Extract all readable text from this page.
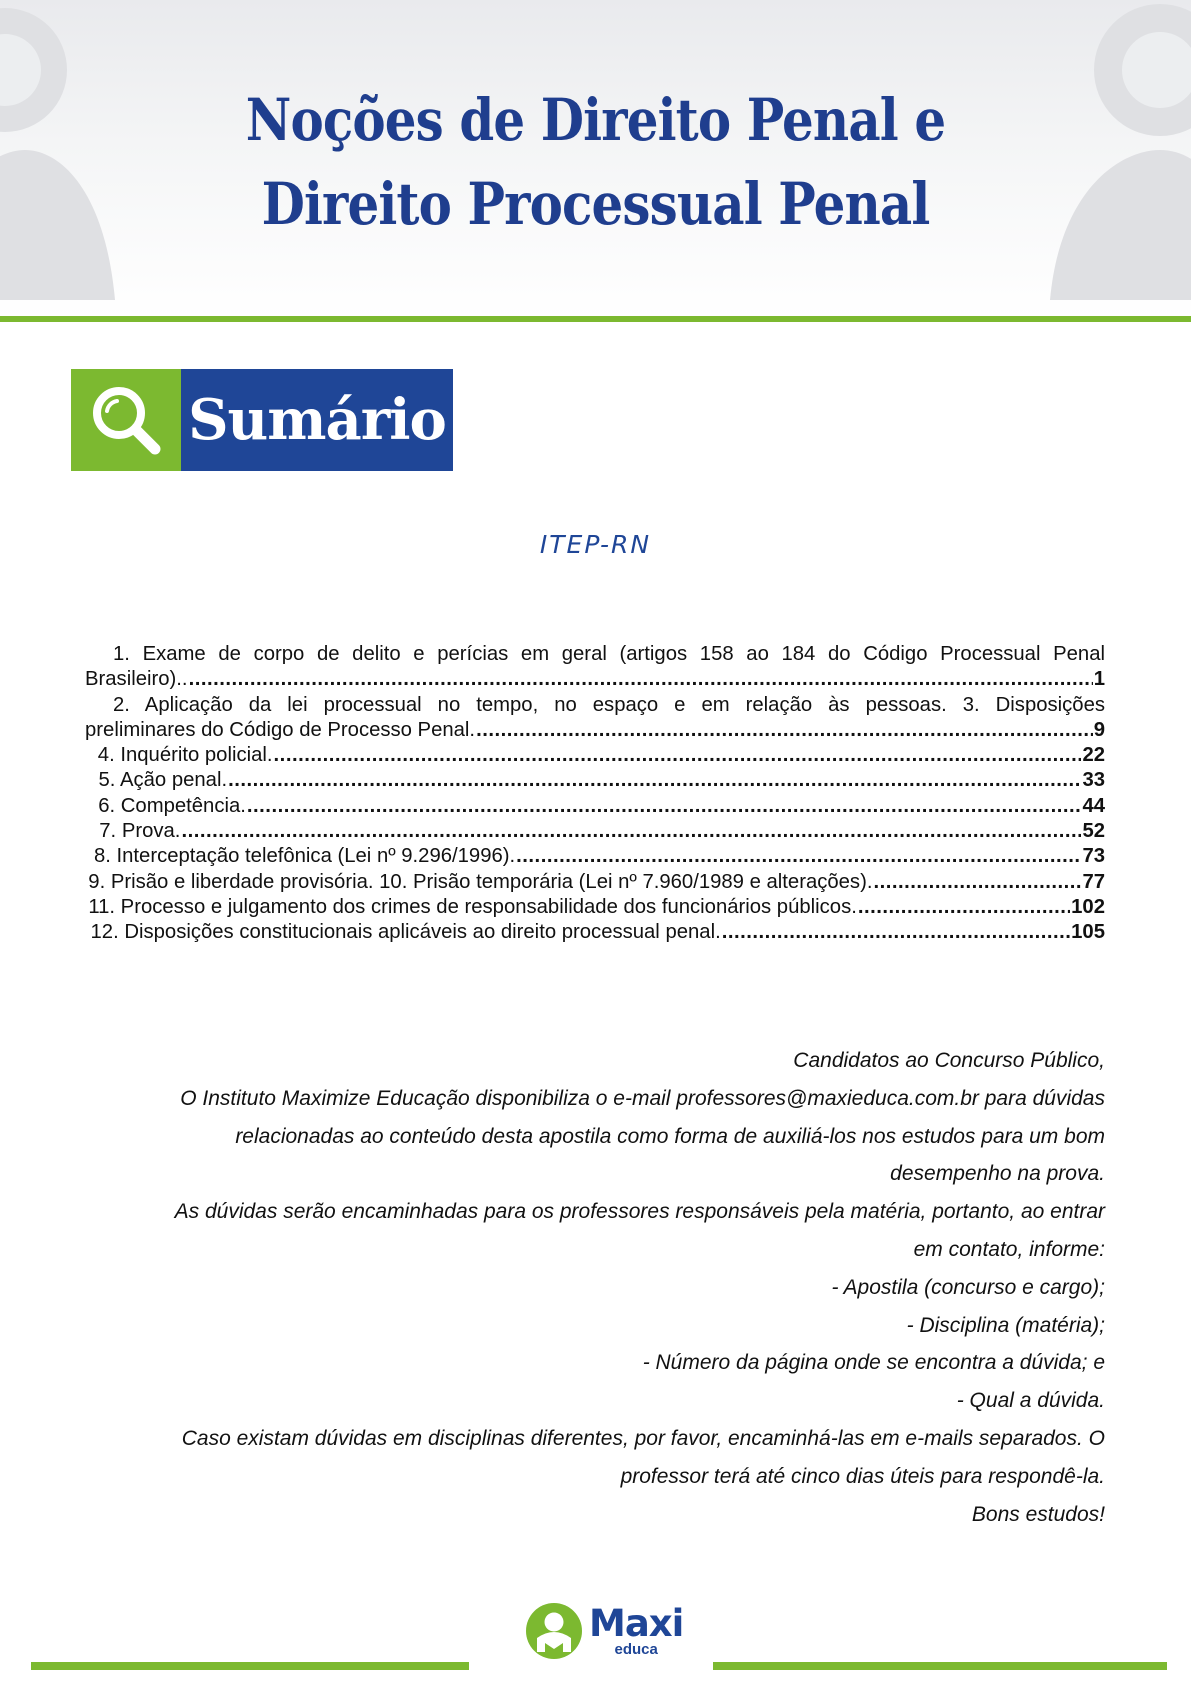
Noções de Direito Penal e
Direito Processual Penal
Sumário
ITEP-RN
1. Exame de corpo de delito e perícias em geral (artigos 158 ao 184 do Código Processual Penal
Brasileiro).. .....	1
2. Aplicação da lei processual no tempo, no espaço e em relação às pessoas. 3. Disposições
preliminares do Código de Processo Penal. .....	9
4. Inquérito policial. .....	22
5. Ação penal. .....	33
6. Competência. .....	44
7. Prova. .....	52
8. Interceptação telefônica (Lei nº 9.296/1996). .....	73
9. Prisão e liberdade provisória. 10. Prisão temporária (Lei nº 7.960/1989 e alterações). .....	77
11. Processo e julgamento dos crimes de responsabilidade dos funcionários públicos. .....	102
12. Disposições constitucionais aplicáveis ao direito processual penal. .....	105

Candidatos ao Concurso Público,

O Instituto Maximize Educação disponibiliza o e-mail professores@maxieduca.com.br para dúvidas

relacionadas ao conteúdo desta apostila como forma de auxiliá-los nos estudos para um bom

desempenho na prova.

As dúvidas serão encaminhadas para os professores responsáveis pela matéria, portanto, ao entrar

em contato, informe:

- Apostila (concurso e cargo);

- Disciplina (matéria);

- Número da página onde se encontra a dúvida; e

- Qual a dúvida.

Caso existam dúvidas em disciplinas diferentes, por favor, encaminhá-las em e-mails separados. O

professor terá até cinco dias úteis para respondê-la.

Bons estudos!

Maxi
educa
